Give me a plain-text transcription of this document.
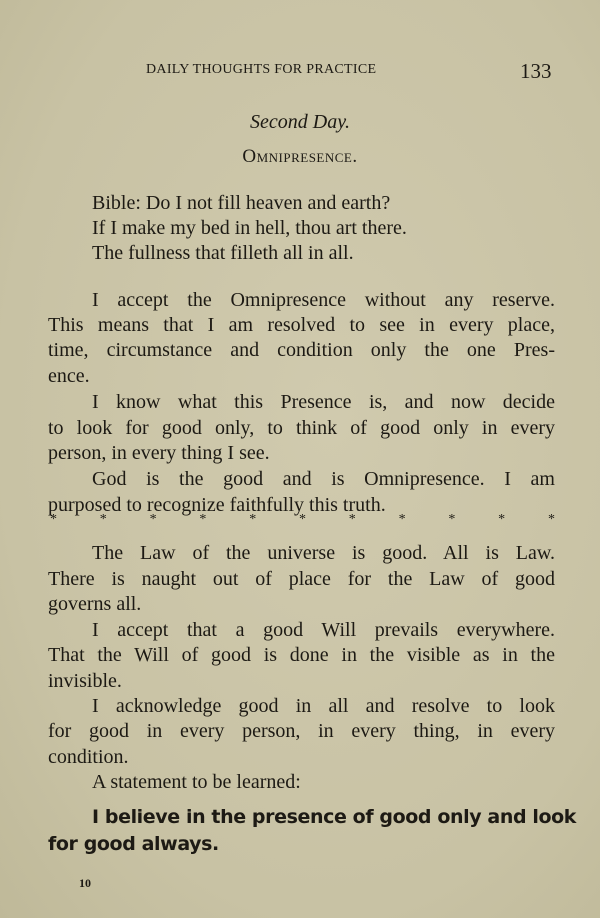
DAILY THOUGHTS FOR PRACTICE	133
Second Day.
Omnipresence.
Bible: Do I not fill heaven and earth?
If I make my bed in hell, thou art there.
The fullness that filleth all in all.
I accept the Omnipresence without any reserve.
This means that I am resolved to see in every place,
time, circumstance and condition only the one Pres-
ence.
I know what this Presence is, and now decide
to look for good only, to think of good only in every
person, in every thing I see.
God is the good and is Omnipresence. I am
purposed to recognize faithfully this truth.
*	*	*	*	*	*	*	*	*	*	*
The Law of the universe is good. All is Law.
There is naught out of place for the Law of good
governs all.
I accept that a good Will prevails everywhere.
That the Will of good is done in the visible as in the
invisible.
I acknowledge good in all and resolve to look
for good in every person, in every thing, in every
condition.
A statement to be learned:
I believe in the presence of good only and look
for good always.
10
